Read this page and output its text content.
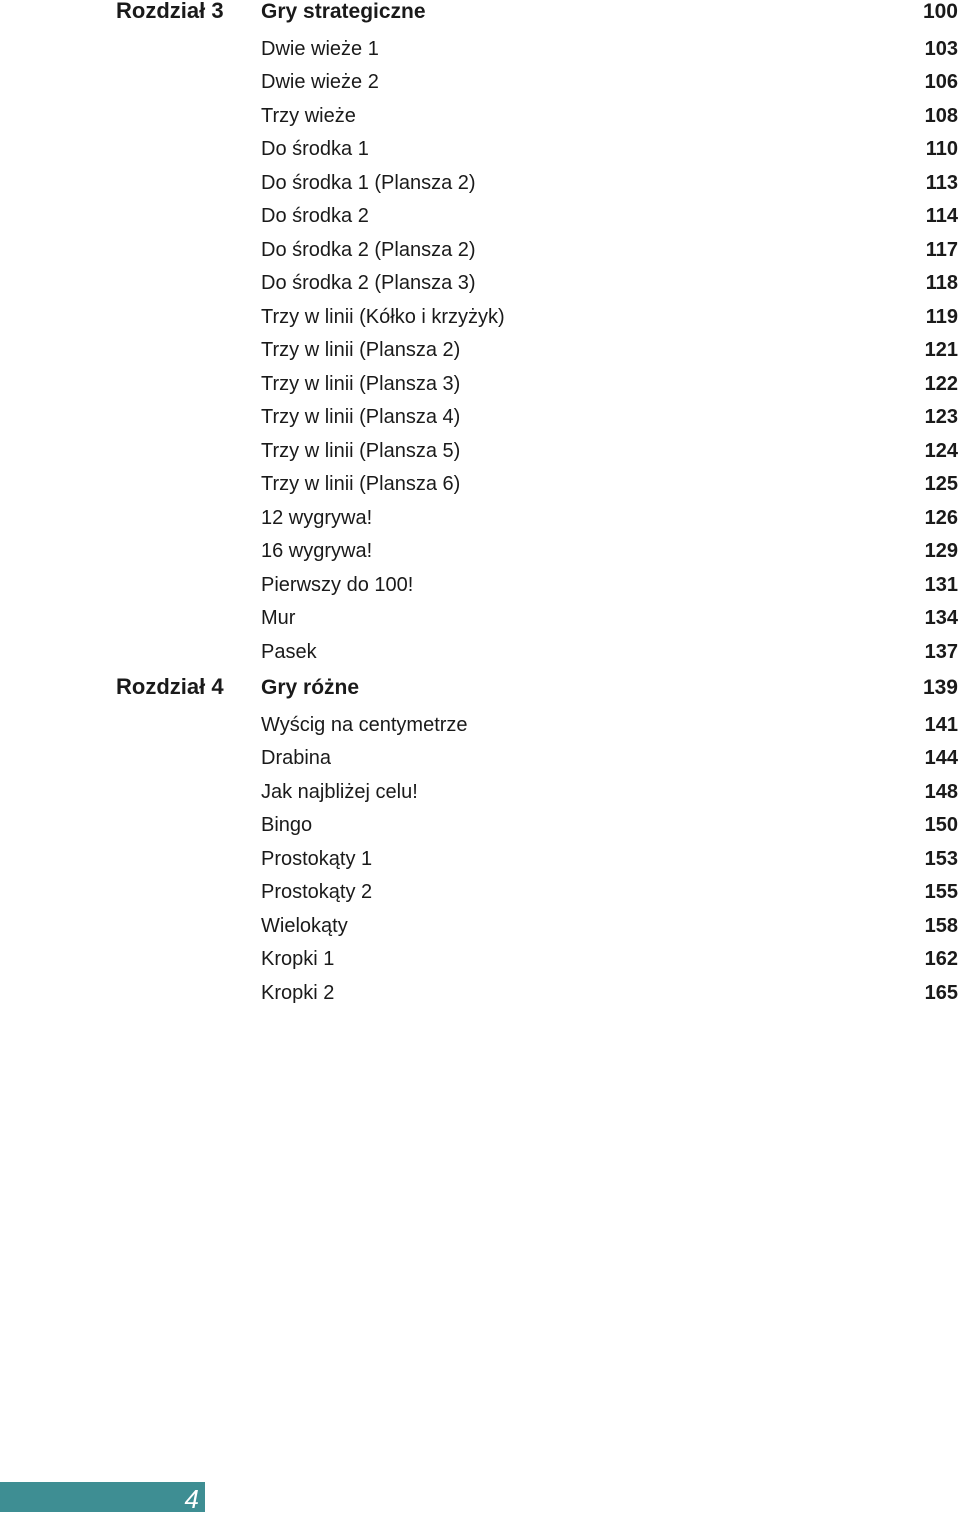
Rozdział 3 Gry strategiczne	100
Dwie wieże 1	103
Dwie wieże 2	106
Trzy wieże	108
Do środka 1	110
Do środka 1 (Plansza 2)	113
Do środka 2	114
Do środka 2 (Plansza 2)	117
Do środka 2 (Plansza 3)	118
Trzy w linii (Kółko i krzyżyk)	119
Trzy w linii (Plansza 2)	121
Trzy w linii (Plansza 3)	122
Trzy w linii (Plansza 4)	123
Trzy w linii (Plansza 5)	124
Trzy w linii (Plansza 6)	125
12 wygrywa!	126
16 wygrywa!	129
Pierwszy do 100!	131
Mur	134
Pasek	137
Rozdział 4 Gry różne	139
Wyścig na centymetrze	141
Drabina	144
Jak najbliżej celu!	148
Bingo	150
Prostokąty 1	153
Prostokąty 2	155
Wielokąty	158
Kropki 1	162
Kropki 2	165
4
